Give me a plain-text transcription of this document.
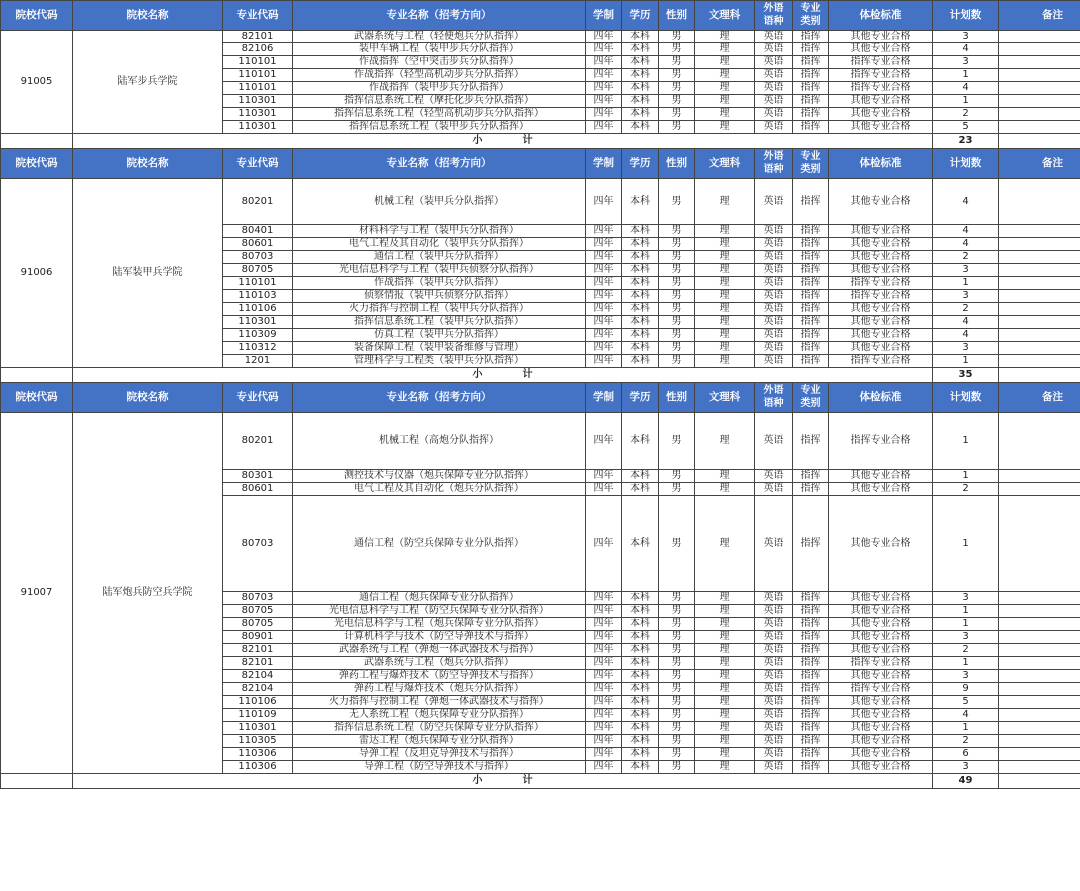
院校代码	院校名称	专业代码	专业名称（招考方向）	学制	学历	性别	文理科	外语
语种	专业
类别	体检标准	计划数	备注
91005	陆军步兵学院	82101	武器系统与工程（轻便炮兵分队指挥）	四年	本科	男	理	英语	指挥	其他专业合格	3	
		82106	装甲车辆工程（装甲步兵分队指挥）	四年	本科	男	理	英语	指挥	其他专业合格	4	
		110101	作战指挥（空中突击步兵分队指挥）	四年	本科	男	理	英语	指挥	指挥专业合格	3	
		110101	作战指挥（轻型高机动步兵分队指挥）	四年	本科	男	理	英语	指挥	指挥专业合格	1	
		110101	作战指挥（装甲步兵分队指挥）	四年	本科	男	理	英语	指挥	指挥专业合格	4	
		110301	指挥信息系统工程（摩托化步兵分队指挥）	四年	本科	男	理	英语	指挥	其他专业合格	1	
		110301	指挥信息系统工程（轻型高机动步兵分队指挥）	四年	本科	男	理	英语	指挥	其他专业合格	2	
		110301	指挥信息系统工程（装甲步兵分队指挥）	四年	本科	男	理	英语	指挥	其他专业合格	5	
	小　　　　计										23	
院校代码	院校名称	专业代码	专业名称（招考方向）	学制	学历	性别	文理科	外语
语种	专业
类别	体检标准	计划数	备注
91006	陆军装甲兵学院	80201	机械工程（装甲兵分队指挥）	四年	本科	男	理	英语	指挥	其他专业合格	4	
		80401	材料科学与工程（装甲兵分队指挥）	四年	本科	男	理	英语	指挥	其他专业合格	4	
		80601	电气工程及其自动化（装甲兵分队指挥）	四年	本科	男	理	英语	指挥	其他专业合格	4	
		80703	通信工程（装甲兵分队指挥）	四年	本科	男	理	英语	指挥	其他专业合格	2	
		80705	光电信息科学与工程（装甲兵侦察分队指挥）	四年	本科	男	理	英语	指挥	其他专业合格	3	
		110101	作战指挥（装甲兵分队指挥）	四年	本科	男	理	英语	指挥	指挥专业合格	1	
		110103	侦察情报（装甲兵侦察分队指挥）	四年	本科	男	理	英语	指挥	指挥专业合格	3	
		110106	火力指挥与控制工程（装甲兵分队指挥）	四年	本科	男	理	英语	指挥	其他专业合格	2	
		110301	指挥信息系统工程（装甲兵分队指挥）	四年	本科	男	理	英语	指挥	其他专业合格	4	
		110309	仿真工程（装甲兵分队指挥）	四年	本科	男	理	英语	指挥	其他专业合格	4	
		110312	装备保障工程（装甲装备维修与管理）	四年	本科	男	理	英语	指挥	其他专业合格	3	
		1201	管理科学与工程类（装甲兵分队指挥）	四年	本科	男	理	英语	指挥	指挥专业合格	1	
	小　　　　计										35	
院校代码	院校名称	专业代码	专业名称（招考方向）	学制	学历	性别	文理科	外语
语种	专业
类别	体检标准	计划数	备注
91007	陆军炮兵防空兵学院	80201	机械工程（高炮分队指挥）	四年	本科	男	理	英语	指挥	指挥专业合格	1	
		80301	测控技术与仪器（炮兵保障专业分队指挥）	四年	本科	男	理	英语	指挥	其他专业合格	1	
		80601	电气工程及其自动化（炮兵分队指挥）	四年	本科	男	理	英语	指挥	其他专业合格	2	
		80703	通信工程（防空兵保障专业分队指挥）	四年	本科	男	理	英语	指挥	其他专业合格	1	
		80703	通信工程（炮兵保障专业分队指挥）	四年	本科	男	理	英语	指挥	其他专业合格	3	
		80705	光电信息科学与工程（防空兵保障专业分队指挥）	四年	本科	男	理	英语	指挥	其他专业合格	1	
		80705	光电信息科学与工程（炮兵保障专业分队指挥）	四年	本科	男	理	英语	指挥	其他专业合格	1	
		80901	计算机科学与技术（防空导弹技术与指挥）	四年	本科	男	理	英语	指挥	其他专业合格	3	
		82101	武器系统与工程（弹炮一体武器技术与指挥）	四年	本科	男	理	英语	指挥	其他专业合格	2	
		82101	武器系统与工程（炮兵分队指挥）	四年	本科	男	理	英语	指挥	指挥专业合格	1	
		82104	弹药工程与爆炸技术（防空导弹技术与指挥）	四年	本科	男	理	英语	指挥	其他专业合格	3	
		82104	弹药工程与爆炸技术（炮兵分队指挥）	四年	本科	男	理	英语	指挥	指挥专业合格	9	
		110106	火力指挥与控制工程（弹炮一体武器技术与指挥）	四年	本科	男	理	英语	指挥	其他专业合格	5	
		110109	无人系统工程（炮兵保障专业分队指挥）	四年	本科	男	理	英语	指挥	其他专业合格	4	
		110301	指挥信息系统工程（防空兵保障专业分队指挥）	四年	本科	男	理	英语	指挥	其他专业合格	1	
		110305	雷达工程（炮兵保障专业分队指挥）	四年	本科	男	理	英语	指挥	其他专业合格	2	
		110306	导弹工程（反坦克导弹技术与指挥）	四年	本科	男	理	英语	指挥	其他专业合格	6	
		110306	导弹工程（防空导弹技术与指挥）	四年	本科	男	理	英语	指挥	其他专业合格	3	
	小　　　　计										49	
